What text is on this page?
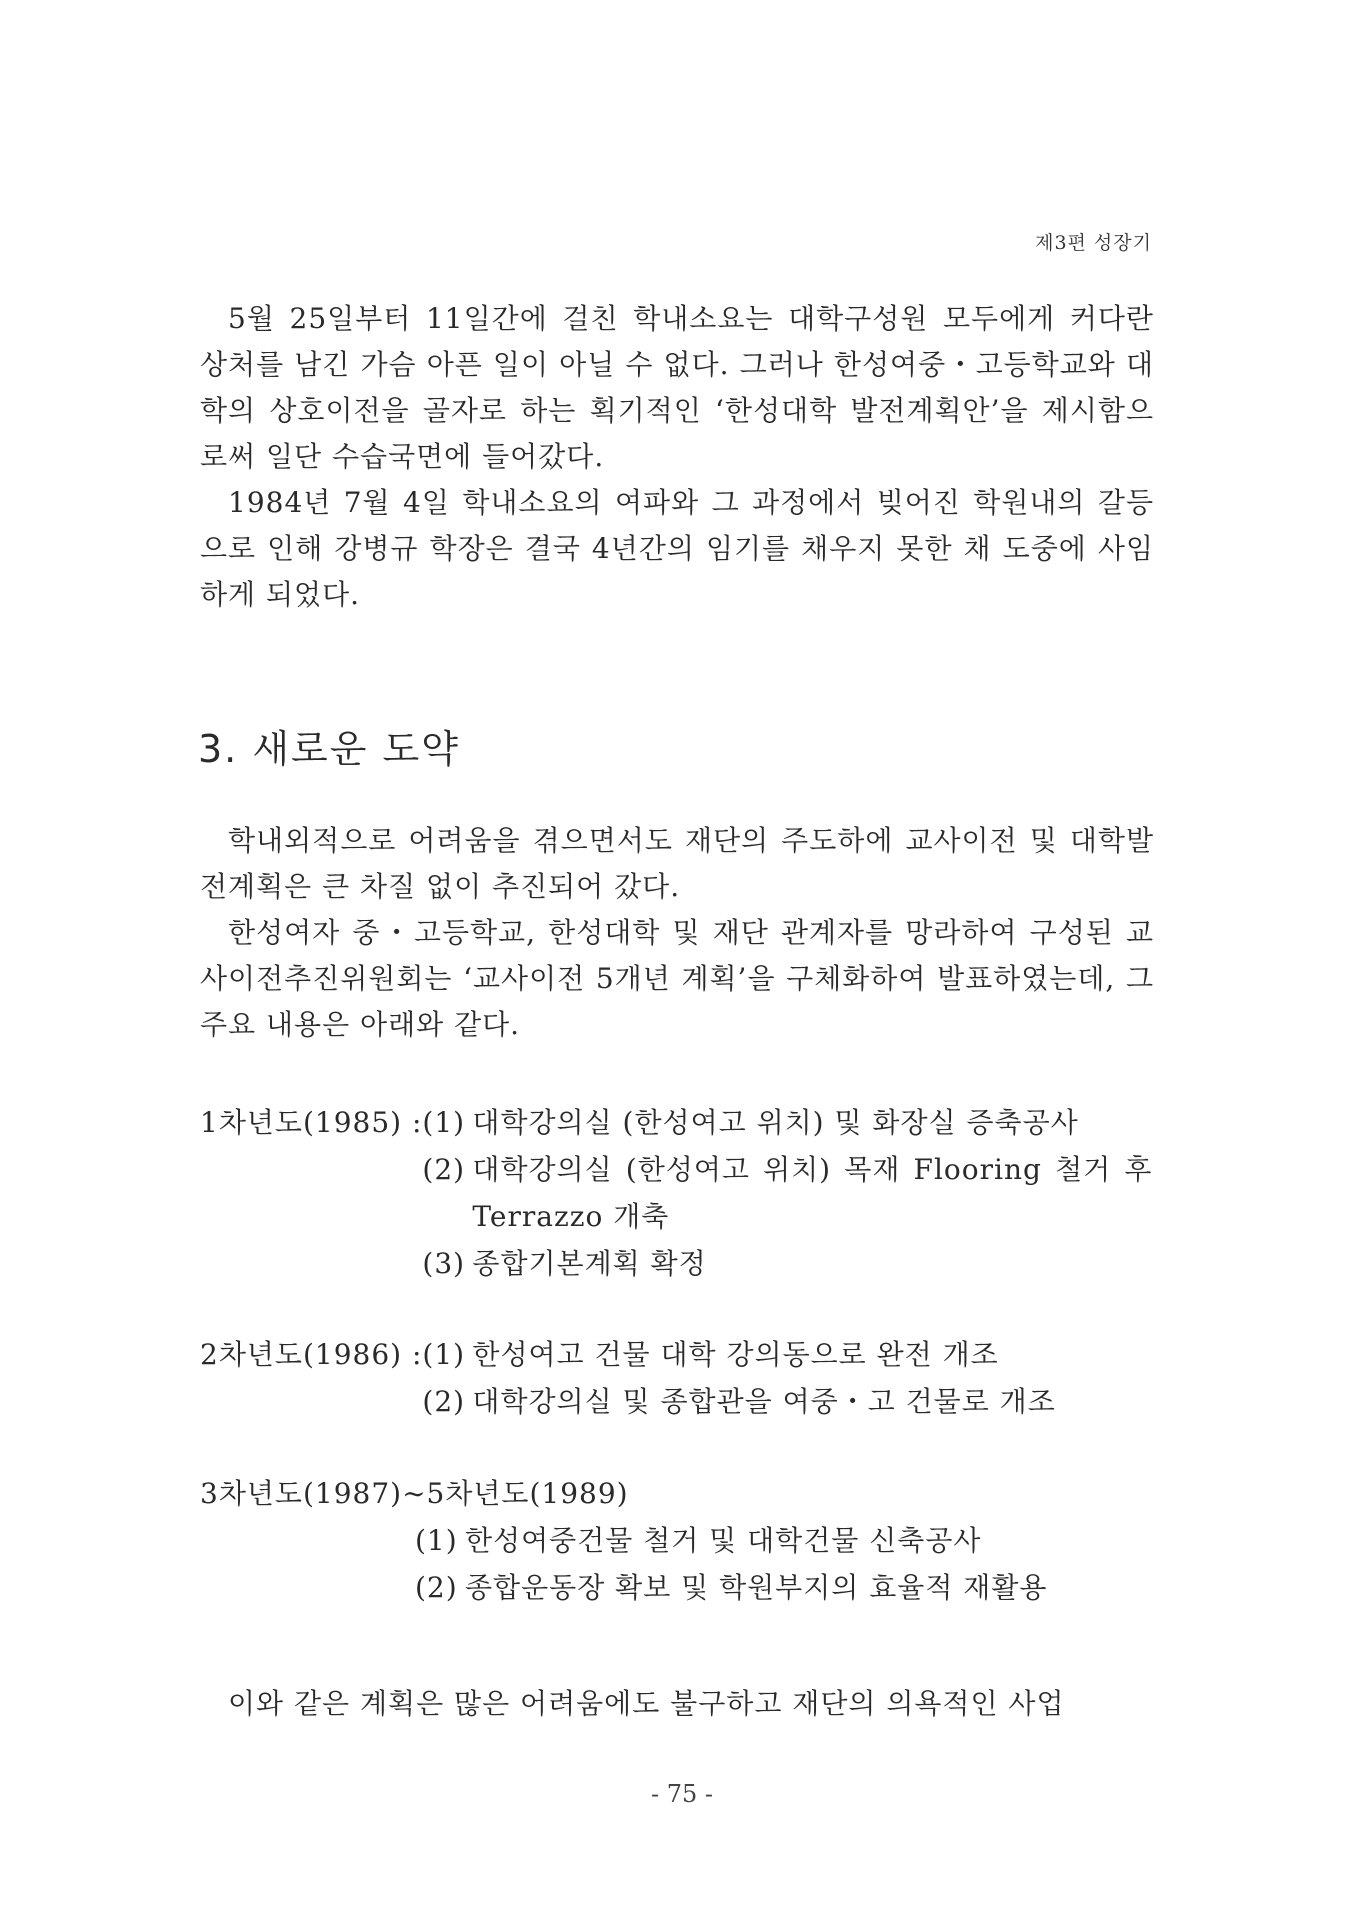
제3편 성장기

5월 25일부터 11일간에 걸친 학내소요는 대학구성원 모두에게 커다란 상처를 남긴 가슴 아픈 일이 아닐 수 없다. 그러나 한성여중・고등학교와 대학의 상호이전을 골자로 하는 획기적인 ‘한성대학 발전계획안’을 제시함으로써 일단 수습국면에 들어갔다.

1984년 7월 4일 학내소요의 여파와 그 과정에서 빚어진 학원내의 갈등으로 인해 강병규 학장은 결국 4년간의 임기를 채우지 못한 채 도중에 사임하게 되었다.

3. 새로운 도약

학내외적으로 어려움을 겪으면서도 재단의 주도하에 교사이전 및 대학발전계획은 큰 차질 없이 추진되어 갔다.

한성여자 중・고등학교, 한성대학 및 재단 관계자를 망라하여 구성된 교사이전추진위원회는 ‘교사이전 5개년 계획’을 구체화하여 발표하였는데, 그 주요 내용은 아래와 같다.

1차년도(1985) : (1) 대학강의실 (한성여고 위치) 및 화장실 증축공사
(2) 대학강의실 (한성여고 위치) 목재 Flooring 철거 후 Terrazzo 개축
(3) 종합기본계획 확정
2차년도(1986) : (1) 한성여고 건물 대학 강의동으로 완전 개조
(2) 대학강의실 및 종합관을 여중・고 건물로 개조
3차년도(1987)∼5차년도(1989)
(1) 한성여중건물 철거 및 대학건물 신축공사
(2) 종합운동장 확보 및 학원부지의 효율적 재활용
이와 같은 계획은 많은 어려움에도 불구하고 재단의 의욕적인 사업
- 75 -
